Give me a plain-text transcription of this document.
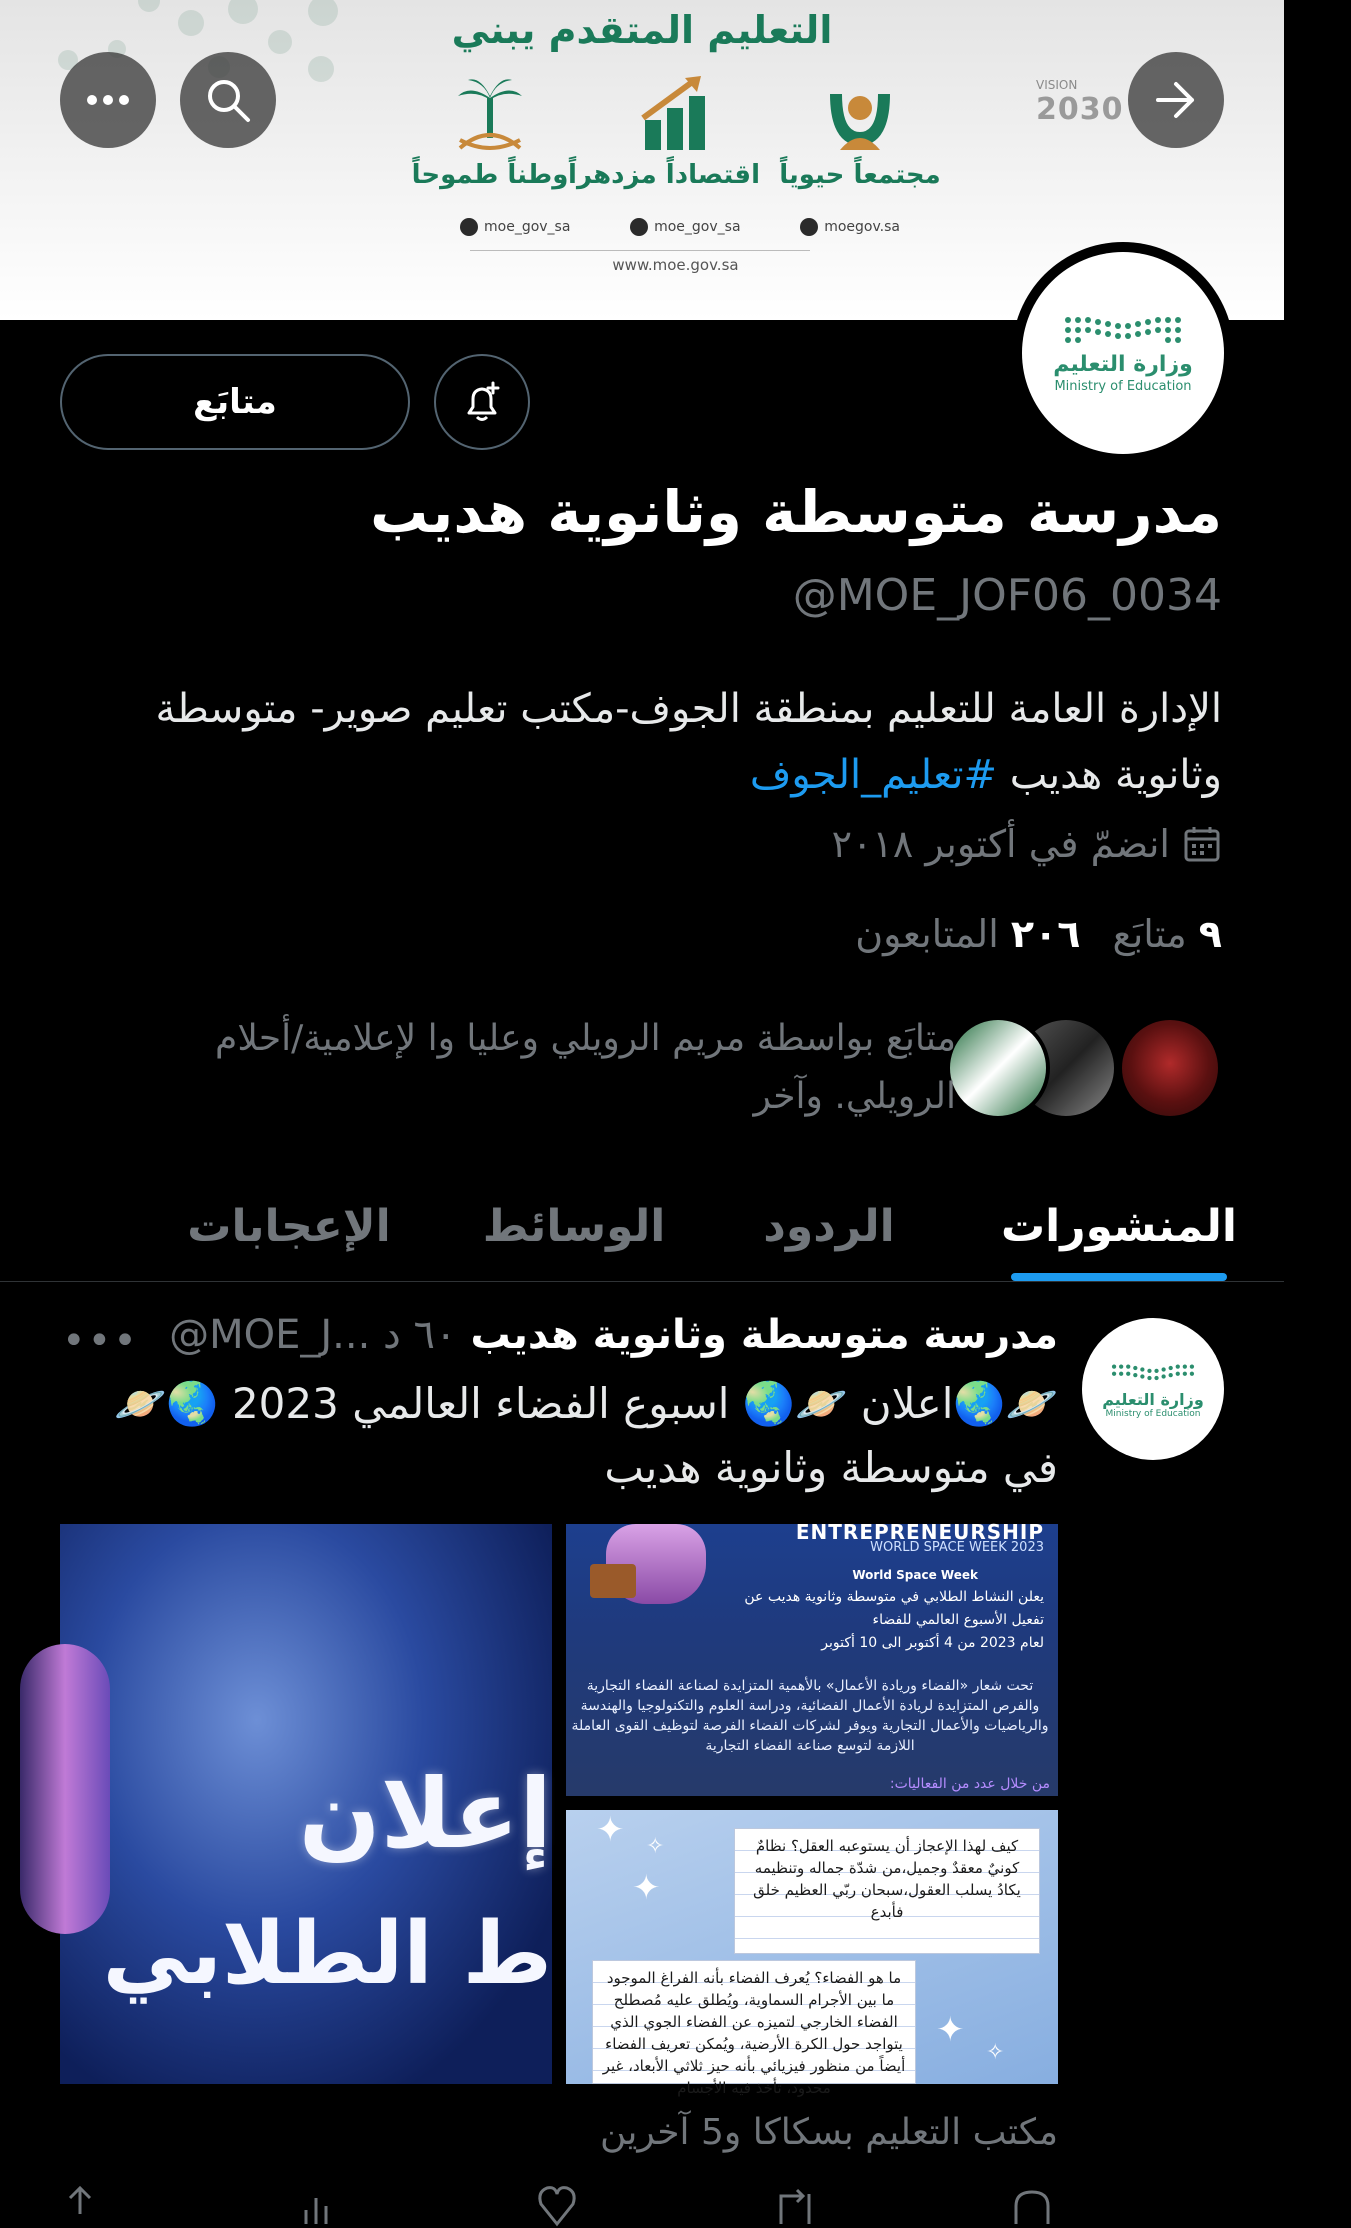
التعليم المتقدم يبني
مجتمعاً حيوياً
اقتصاداً مزدهراً
وطناً طموحاً
moe_gov_sa	moe_gov_sa	moegov.sa
www.moe.gov.sa
VISION
2030
وزارة التعليم
Ministry of Education
متابَع
مدرسة متوسطة وثانوية هديب
@MOE_JOF06_0034
الإدارة العامة للتعليم بمنطقة الجوف-مكتب تعليم صوير- متوسطة وثانوية هديب #تعليم_الجوف
انضمّ في أكتوبر ٢٠١٨
٩ متابَع
٢٠٦ المتابعون
متابَع بواسطة مريم الرويلي وعليا وا لإعلامية/أحلام الرويلي. وآخر
المنشورات
الردود
الوسائط
الإعجابات
وزارة التعليم
Ministry of Education
مدرسة متوسطة وثانوية هديب
@MOE_J... ٦٠ د
•••
🪐🌏اعلان 🪐🌏 اسبوع الفضاء العالمي 2023 🌏🪐 في متوسطة وثانوية هديب
إعلان
ط الطلابي
ENTREPRENEURSHIP
WORLD SPACE WEEK 2023
World Space Week
يعلن النشاط الطلابي في متوسطة وثانوية هديب عن
تفعيل الأسبوع العالمي للفضاء
لعام 2023 من 4 أكتوبر الى 10 أكتوبر
تحت شعار «الفضاء وريادة الأعمال» بالأهمية المتزايدة لصناعة الفضاء التجارية والفرص المتزايدة لريادة الأعمال الفضائية، ودراسة العلوم والتكنولوجيا والهندسة والرياضيات والأعمال التجارية ويوفر لشركات الفضاء الفرصة لتوظيف القوى العاملة اللازمة لتوسع صناعة الفضاء التجارية
من خلال عدد من الفعاليات:
✦ ✧
✦
✦
✧
كيف لهذا الإعجاز أن يستوعبه العقل؟ نظامٌ كونيٌ معقدٌ وجميل،من شدّة جماله وتنظيمه يكادُ يسلب العقول،سبحان ربّي العظيم خلق فأبدع
ما هو الفضاء؟ يُعرف الفضاء بأنه الفراغ الموجود ما بين الأجرام السماوية، ويُطلق عليه مُصطلح الفضاء الخارجي لتميزه عن الفضاء الجوي الذي يتواجد حول الكرة الأرضية، ويُمكن تعريف الفضاء أيضاً من منظور فيزيائي بأنه حيز ثلاثي الأبعاد، غير محدود، تأخذ فيه الأجسام
مكتب التعليم بسكاكا و5 آخرين
